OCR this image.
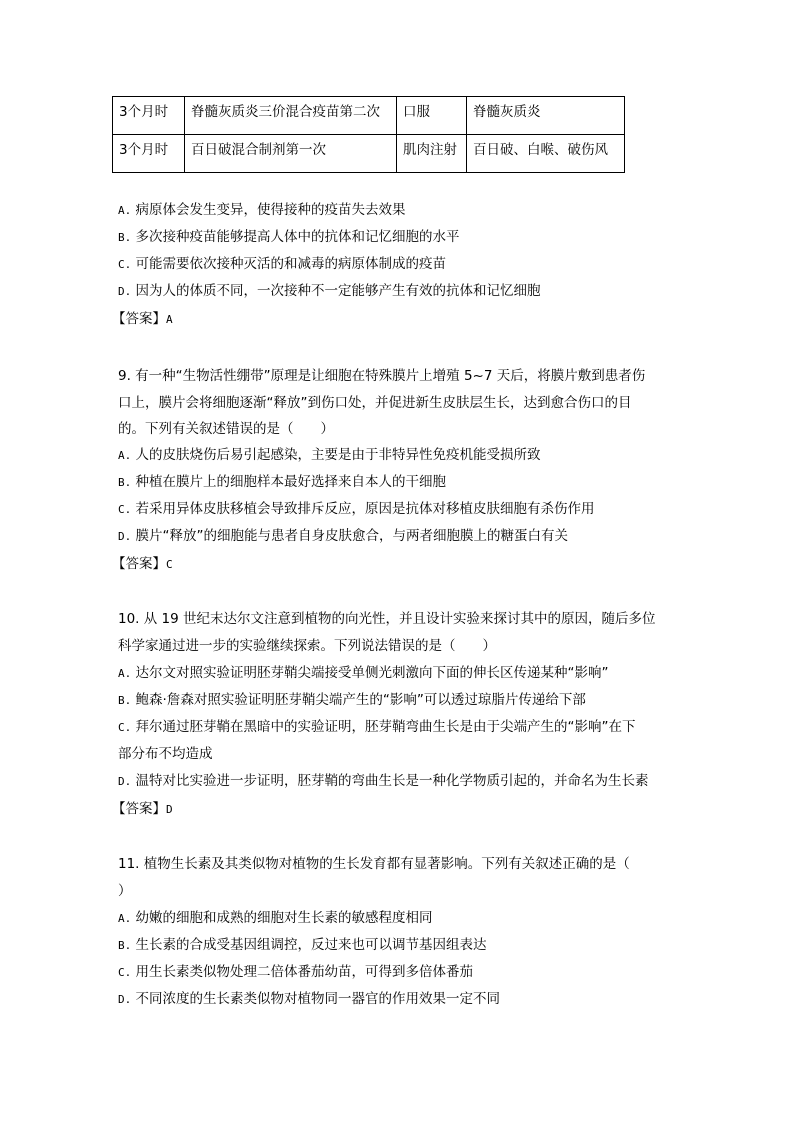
3个月时	脊髓灰质炎三价混合疫苗第二次	口服	脊髓灰质炎
3个月时	百日破混合制剂第一次	肌肉注射	百日破、白喉、破伤风
A. 病原体会发生变异，使得接种的疫苗失去效果
B. 多次接种疫苗能够提高人体中的抗体和记忆细胞的水平
C. 可能需要依次接种灭活的和减毒的病原体制成的疫苗
D. 因为人的体质不同，一次接种不一定能够产生有效的抗体和记忆细胞
【答案】A
9. 有一种“生物活性绷带”原理是让细胞在特殊膜片上增殖 5~7 天后，将膜片敷到患者伤
口上，膜片会将细胞逐渐“释放”到伤口处，并促进新生皮肤层生长，达到愈合伤口的目
的。下列有关叙述错误的是（　　）
A. 人的皮肤烧伤后易引起感染，主要是由于非特异性免疫机能受损所致
B. 种植在膜片上的细胞样本最好选择来自本人的干细胞
C. 若采用异体皮肤移植会导致排斥反应，原因是抗体对移植皮肤细胞有杀伤作用
D. 膜片“释放”的细胞能与患者自身皮肤愈合，与两者细胞膜上的糖蛋白有关
【答案】C
10. 从 19 世纪末达尔文注意到植物的向光性，并且设计实验来探讨其中的原因，随后多位
科学家通过进一步的实验继续探索。下列说法错误的是（　　）
A. 达尔文对照实验证明胚芽鞘尖端接受单侧光刺激向下面的伸长区传递某种“影响”
B. 鲍森·詹森对照实验证明胚芽鞘尖端产生的“影响”可以透过琼脂片传递给下部
C. 拜尔通过胚芽鞘在黑暗中的实验证明，胚芽鞘弯曲生长是由于尖端产生的“影响”在下
部分布不均造成
D. 温特对比实验进一步证明，胚芽鞘的弯曲生长是一种化学物质引起的，并命名为生长素
【答案】D
11. 植物生长素及其类似物对植物的生长发育都有显著影响。下列有关叙述正确的是（
）
A. 幼嫩的细胞和成熟的细胞对生长素的敏感程度相同
B. 生长素的合成受基因组调控，反过来也可以调节基因组表达
C. 用生长素类似物处理二倍体番茄幼苗，可得到多倍体番茄
D. 不同浓度的生长素类似物对植物同一器官的作用效果一定不同
